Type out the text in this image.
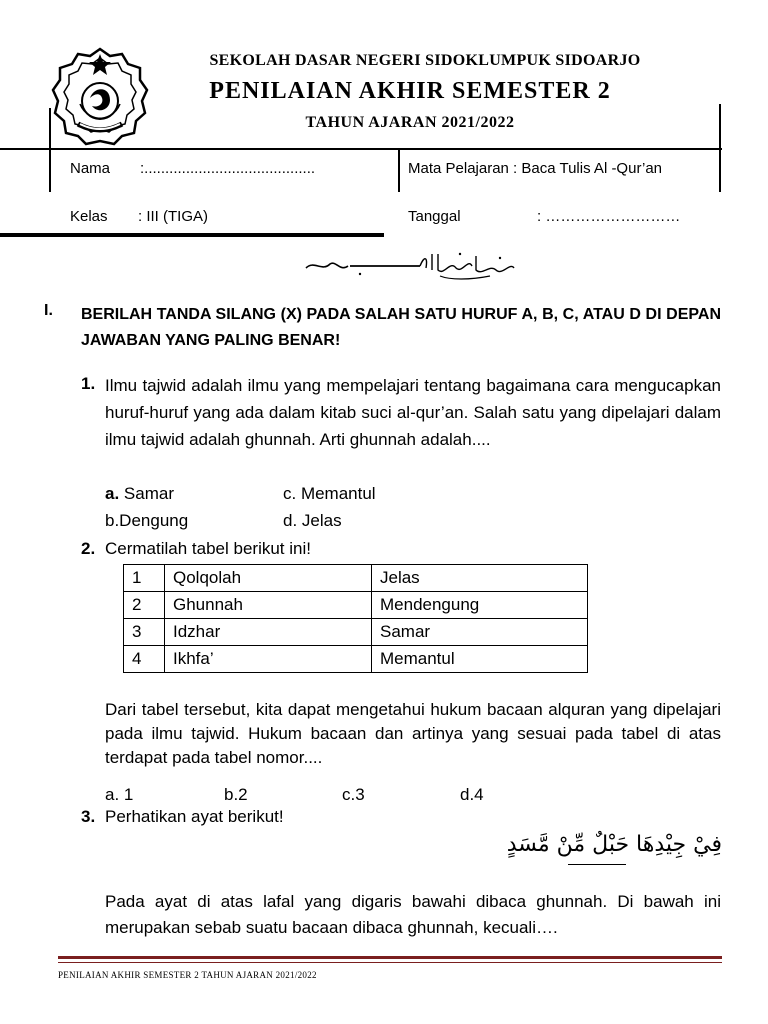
SEKOLAH DASAR NEGERI SIDOKLUMPUK SIDOARJO
PENILAIAN AKHIR SEMESTER 2
TAHUN AJARAN 2021/2022
Nama :.........................................	Mata Pelajaran : Baca Tulis Al -Qur’an
Kelas : III (TIGA)	Tanggal	: ………………………
I. BERILAH TANDA SILANG (X) PADA SALAH SATU HURUF A, B, C, ATAU D DI DEPAN JAWABAN YANG PALING BENAR!
1. Ilmu tajwid adalah ilmu yang mempelajari tentang bagaimana cara mengucapkan huruf-huruf yang ada dalam kitab suci al-qur’an. Salah satu yang dipelajari dalam ilmu tajwid adalah ghunnah. Arti ghunnah adalah....
a. Samar	c. Memantul
b.Dengung	d. Jelas
2. Cermatilah tabel berikut ini!
1	Qolqolah	Jelas
2	Ghunnah	Mendengung
3	Idzhar	Samar
4	Ikhfa’	Memantul
Dari tabel tersebut, kita dapat mengetahui hukum bacaan alquran yang dipelajari pada ilmu tajwid. Hukum bacaan dan artinya yang sesuai pada tabel di atas terdapat pada tabel nomor....
a. 1	b.2	c.3	d.4
3. Perhatikan ayat berikut!
فِيْ جِيْدِهَا حَبْلٌ مِّنْ مَّسَدٍ
Pada ayat di atas lafal yang digaris bawahi dibaca ghunnah. Di bawah ini merupakan sebab suatu bacaan dibaca ghunnah, kecuali….
PENILAIAN AKHIR SEMESTER 2 TAHUN AJARAN 2021/2022
